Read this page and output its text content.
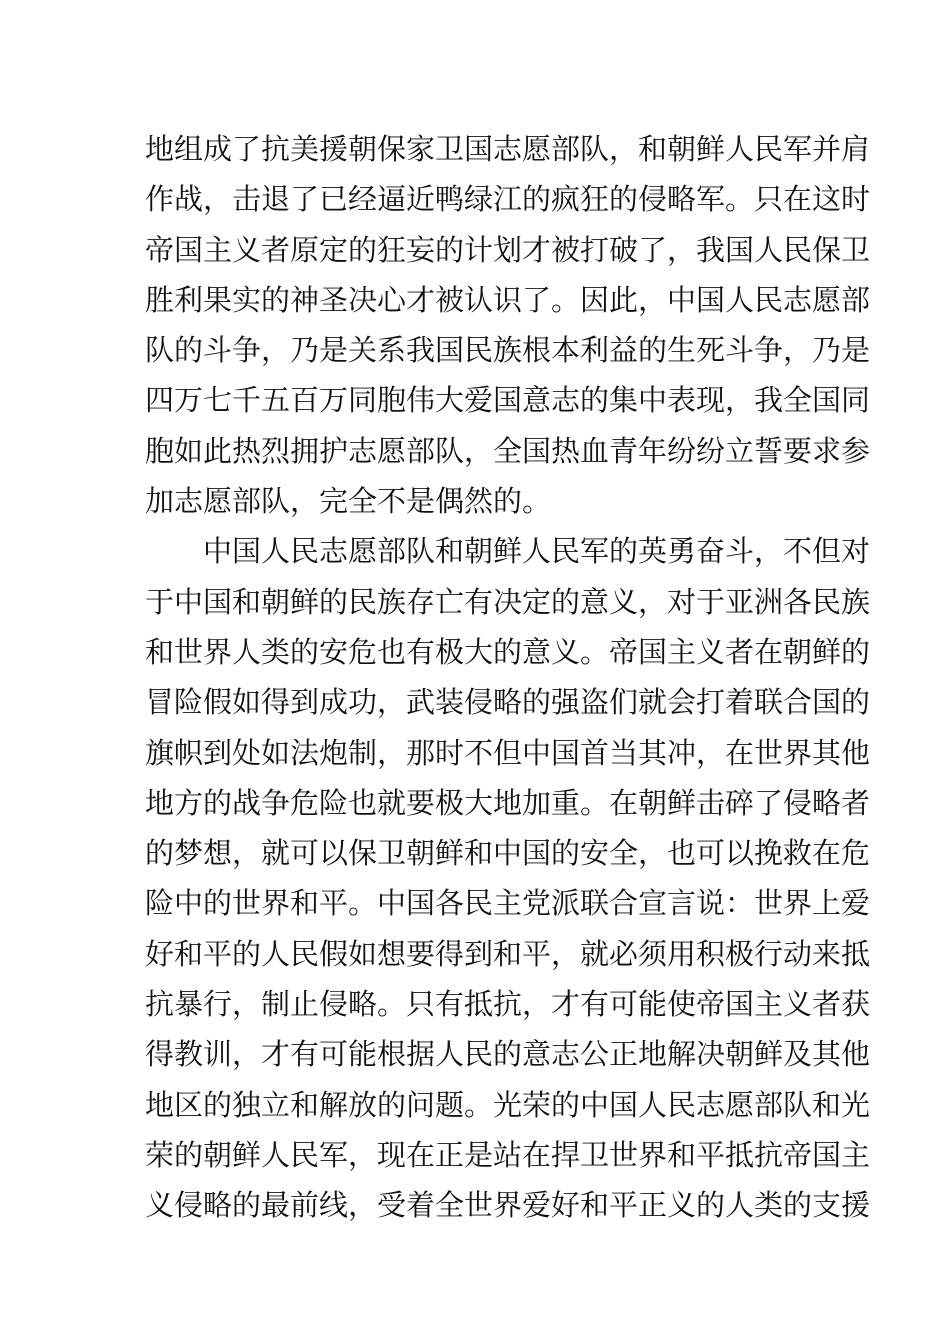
地组成了抗美援朝保家卫国志愿部队，和朝鲜人民军并肩
作战，击退了已经逼近鸭绿江的疯狂的侵略军。只在这时
帝国主义者原定的狂妄的计划才被打破了，我国人民保卫
胜利果实的神圣决心才被认识了。因此，中国人民志愿部
队的斗争，乃是关系我国民族根本利益的生死斗争，乃是
四万七千五百万同胞伟大爱国意志的集中表现，我全国同
胞如此热烈拥护志愿部队，全国热血青年纷纷立誓要求参
加志愿部队，完全不是偶然的。
中国人民志愿部队和朝鲜人民军的英勇奋斗，不但对
于中国和朝鲜的民族存亡有决定的意义，对于亚洲各民族
和世界人类的安危也有极大的意义。帝国主义者在朝鲜的
冒险假如得到成功，武装侵略的强盗们就会打着联合国的
旗帜到处如法炮制，那时不但中国首当其冲，在世界其他
地方的战争危险也就要极大地加重。在朝鲜击碎了侵略者
的梦想，就可以保卫朝鲜和中国的安全，也可以挽救在危
险中的世界和平。中国各民主党派联合宣言说：世界上爱
好和平的人民假如想要得到和平，就必须用积极行动来抵
抗暴行，制止侵略。只有抵抗，才有可能使帝国主义者获
得教训，才有可能根据人民的意志公正地解决朝鲜及其他
地区的独立和解放的问题。光荣的中国人民志愿部队和光
荣的朝鲜人民军，现在正是站在捍卫世界和平抵抗帝国主
义侵略的最前线，受着全世界爱好和平正义的人类的支援
